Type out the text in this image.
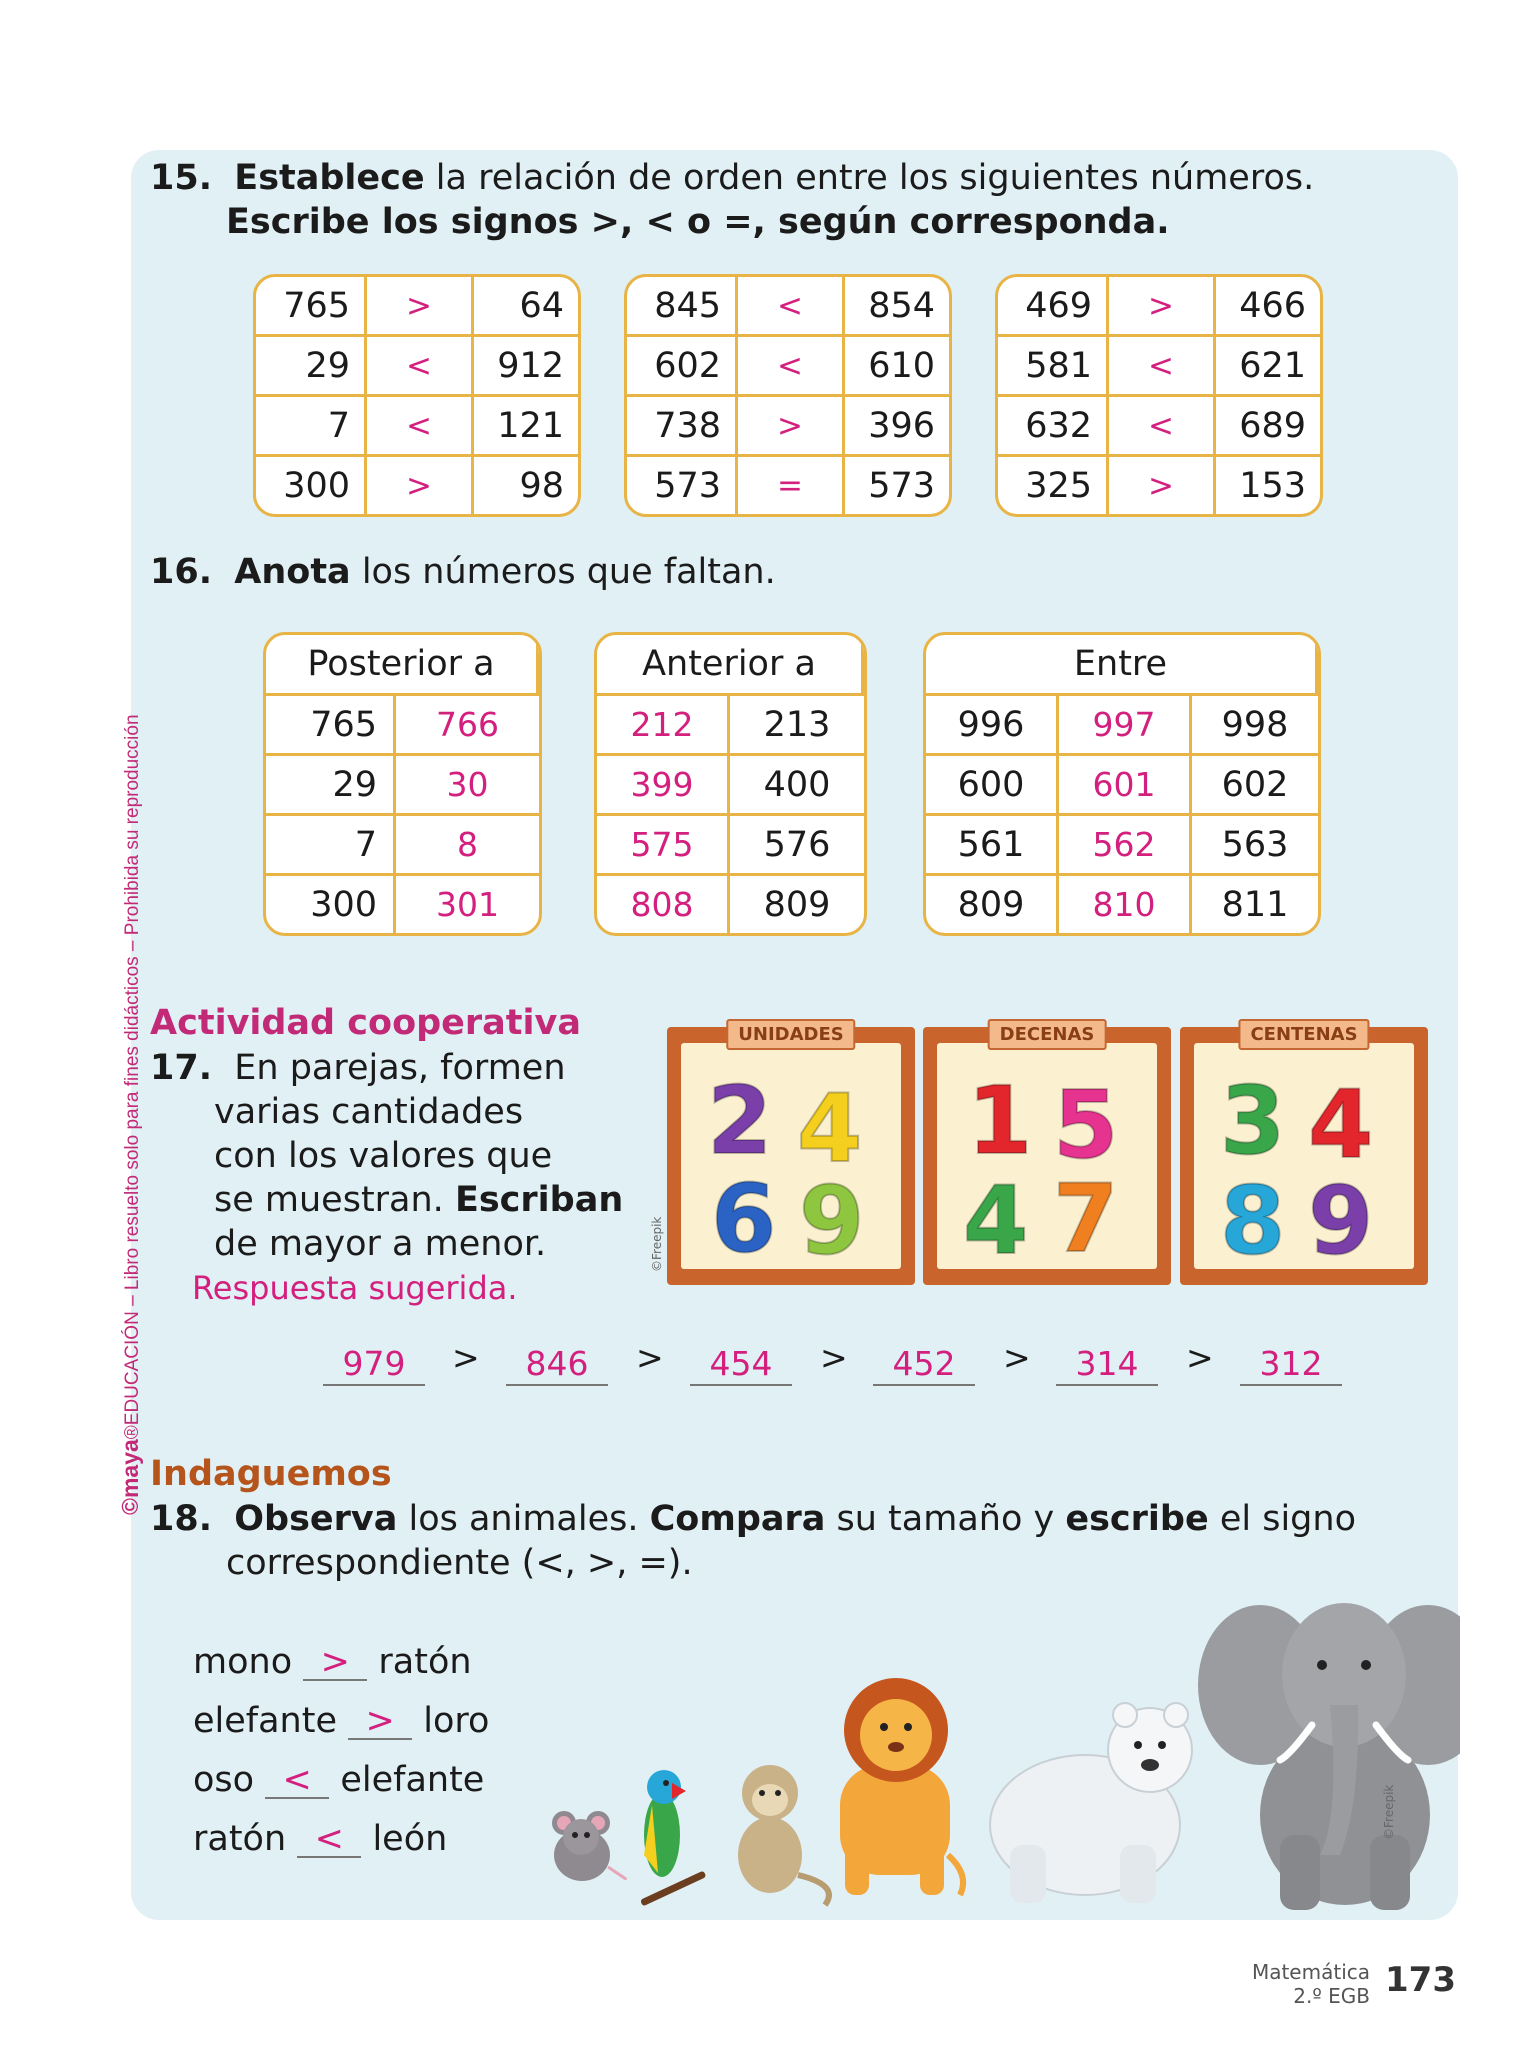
©maya®EDUCACIÓN – Libro resuelto solo para fines didácticos – Prohibida su reproducción
15. Establece la relación de orden entre los siguientes números.
Escribe los signos >, < o =, según corresponda.
765	>	64
29	<	912
7	<	121
300	>	98
845	<	854
602	<	610
738	>	396
573	=	573
469	>	466
581	<	621
632	<	689
325	>	153
16. Anota los números que faltan.
Posterior a	
765	766
29	30
7	8
300	301
Anterior a	
212	213
399	400
575	576
808	809
Entre		
996	997	998
600	601	602
561	562	563
809	810	811
Actividad cooperativa
17. En parejas, formen
varias cantidades
con los valores que
se muestran. Escriban
de mayor a menor.
Respuesta sugerida.
©Freepik
UNIDADES
2 4
6 9
DECENAS
1 5
4 7
CENTENAS
3 4
8 9
979	>	846	>	454	>	452	>	314	>	312
Indaguemos
18. Observa los animales. Compara su tamaño y escribe el signo
correspondiente (<, >, =).
mono > ratón
elefante > loro
oso < elefante
ratón < león	©Freepik
Matemática
2.º EGB 173
